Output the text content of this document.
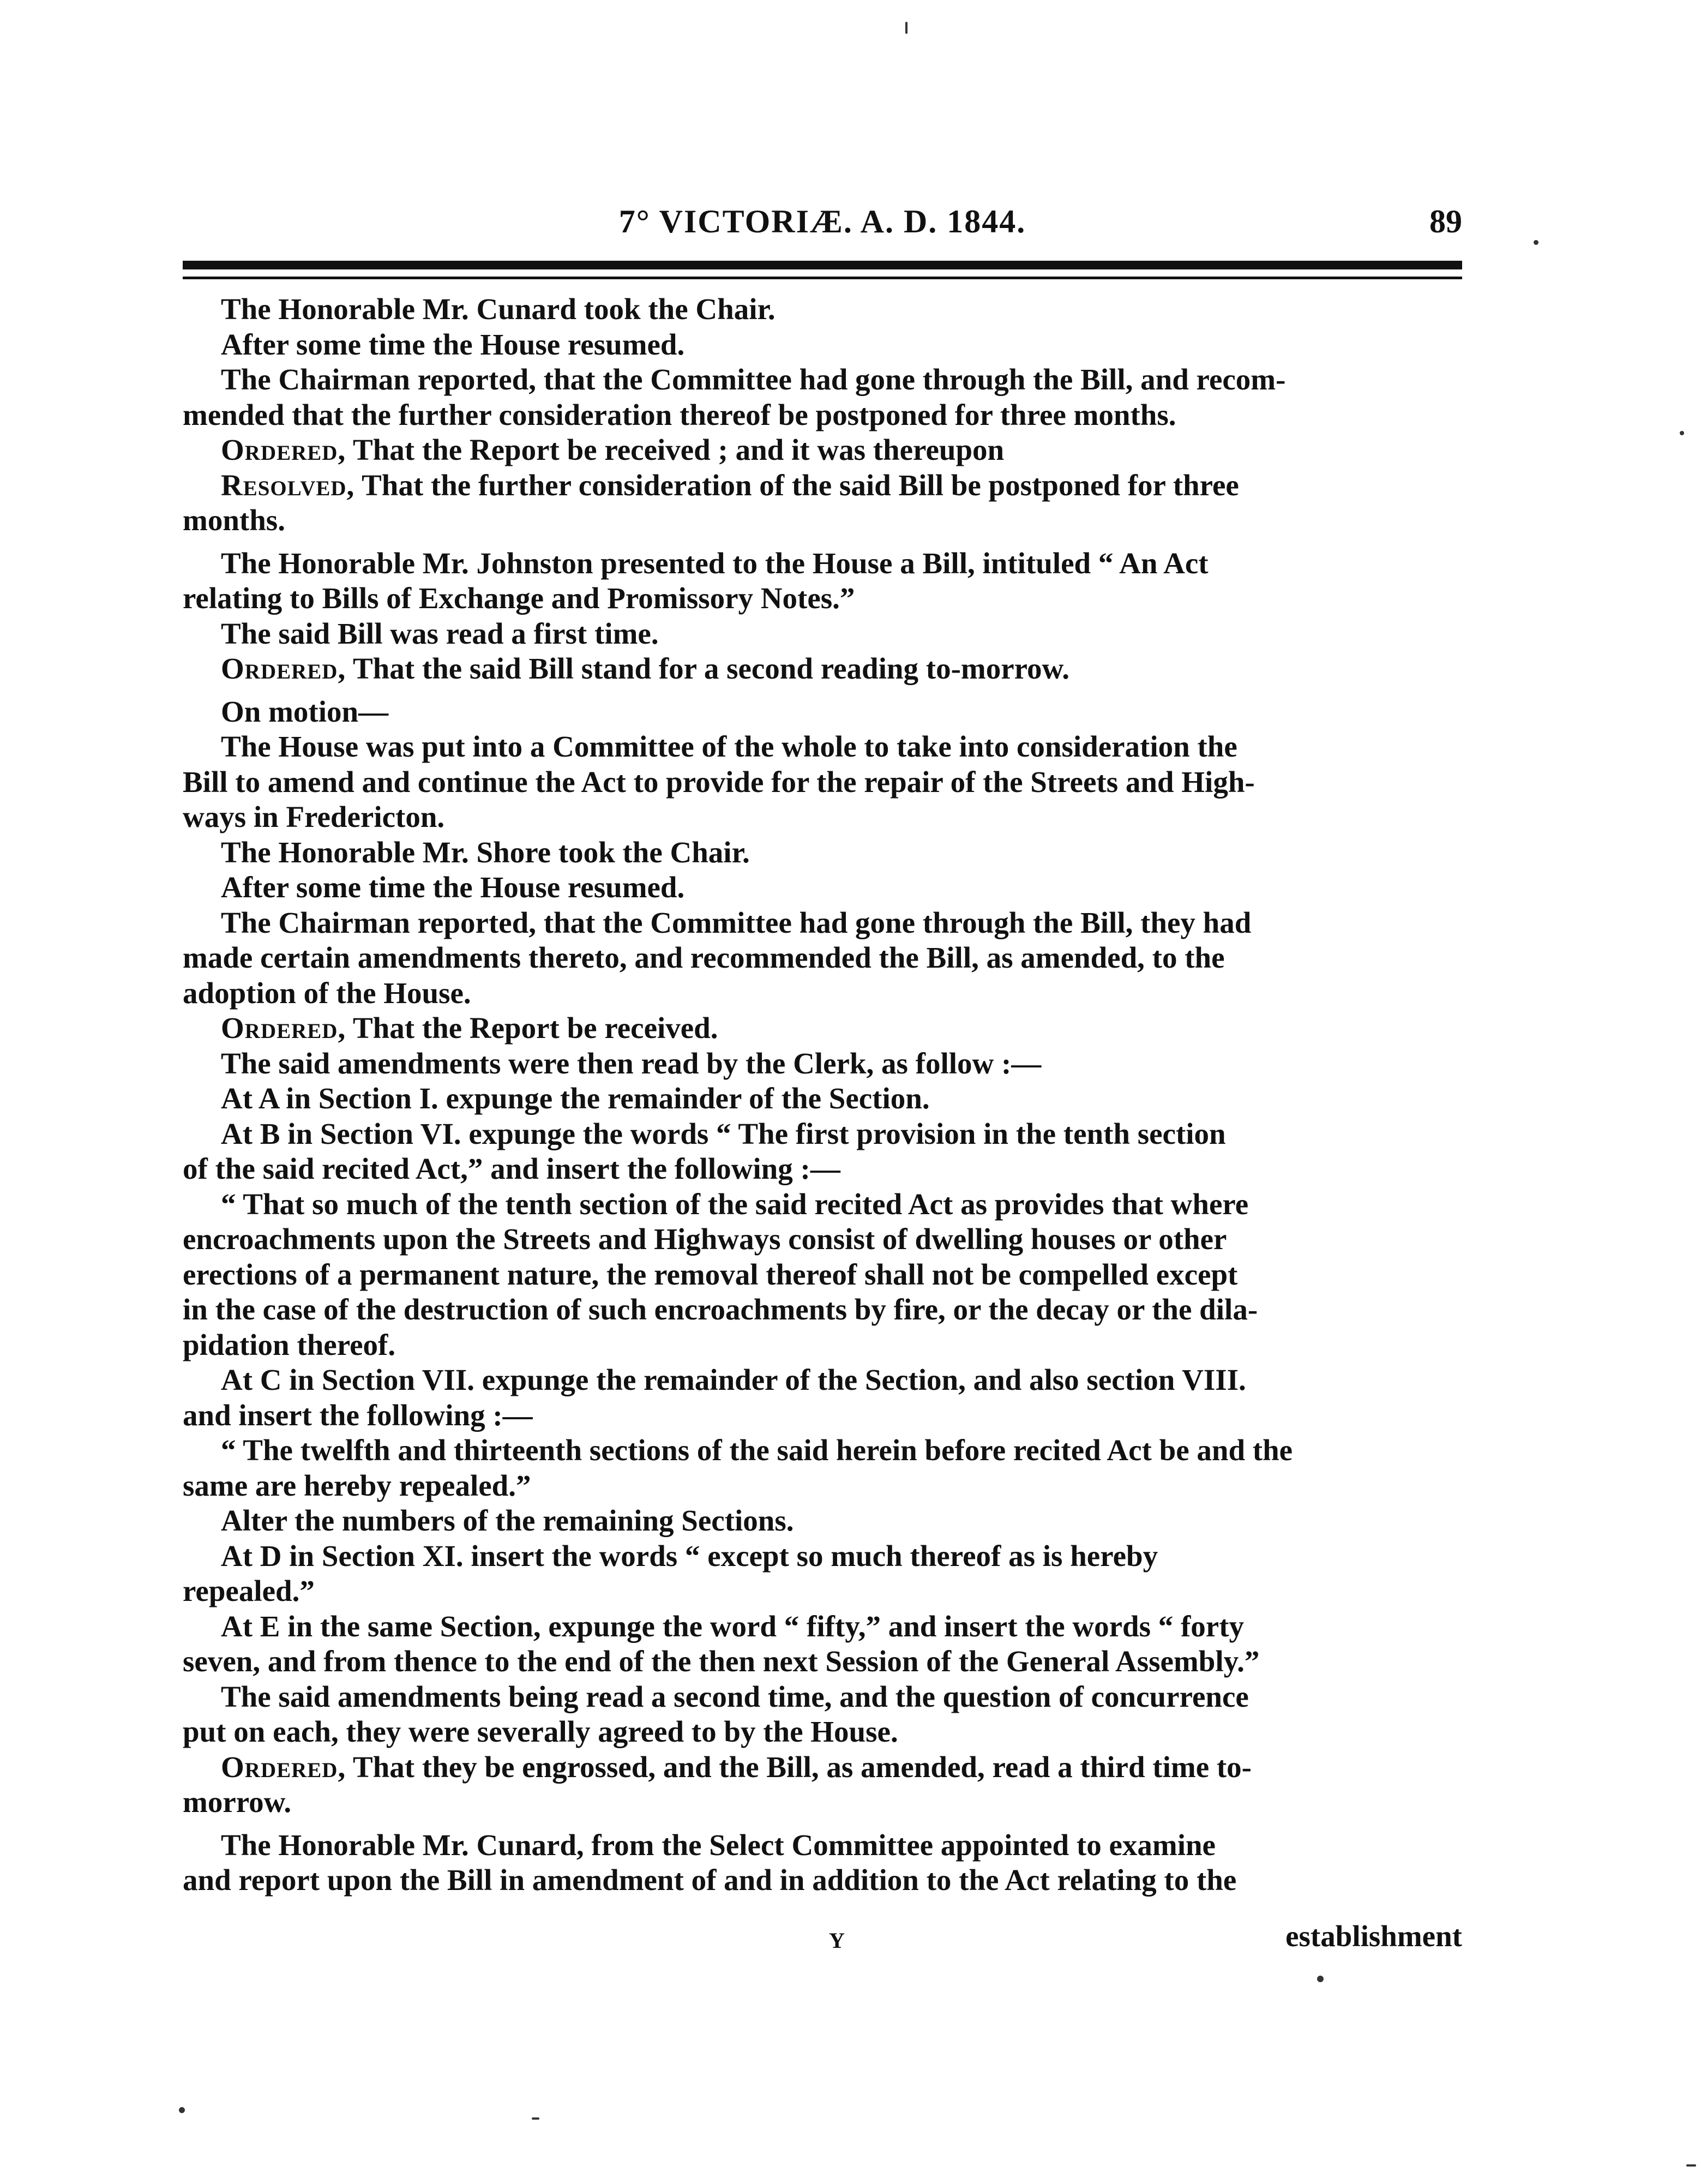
7° VICTORIÆ. A. D. 1844.	89

The Honorable Mr. Cunard took the Chair.

After some time the House resumed.

The Chairman reported, that the Committee had gone through the Bill, and recom-
mended that the further consideration thereof be postponed for three months.

Ordered, That the Report be received ; and it was thereupon

Resolved, That the further consideration of the said Bill be postponed for three
months.

The Honorable Mr. Johnston presented to the House a Bill, intituled “ An Act
relating to Bills of Exchange and Promissory Notes.”

The said Bill was read a first time.

Ordered, That the said Bill stand for a second reading to-morrow.

On motion—

The House was put into a Committee of the whole to take into consideration the
Bill to amend and continue the Act to provide for the repair of the Streets and High-
ways in Fredericton.

The Honorable Mr. Shore took the Chair.

After some time the House resumed.

The Chairman reported, that the Committee had gone through the Bill, they had
made certain amendments thereto, and recommended the Bill, as amended, to the
adoption of the House.

Ordered, That the Report be received.

The said amendments were then read by the Clerk, as follow :—

At A in Section I. expunge the remainder of the Section.

At B in Section VI. expunge the words “ The first provision in the tenth section
of the said recited Act,” and insert the following :—

“ That so much of the tenth section of the said recited Act as provides that where
encroachments upon the Streets and Highways consist of dwelling houses or other
erections of a permanent nature, the removal thereof shall not be compelled except
in the case of the destruction of such encroachments by fire, or the decay or the dila-
pidation thereof.

At C in Section VII. expunge the remainder of the Section, and also section VIII.
and insert the following :—

“ The twelfth and thirteenth sections of the said herein before recited Act be and the
same are hereby repealed.”

Alter the numbers of the remaining Sections.

At D in Section XI. insert the words “ except so much thereof as is hereby
repealed.”

At E in the same Section, expunge the word “ fifty,” and insert the words “ forty
seven, and from thence to the end of the then next Session of the General Assembly.”

The said amendments being read a second time, and the question of concurrence
put on each, they were severally agreed to by the House.

Ordered, That they be engrossed, and the Bill, as amended, read a third time to-
morrow.

The Honorable Mr. Cunard, from the Select Committee appointed to examine
and report upon the Bill in amendment of and in addition to the Act relating to the

Y	establishment
